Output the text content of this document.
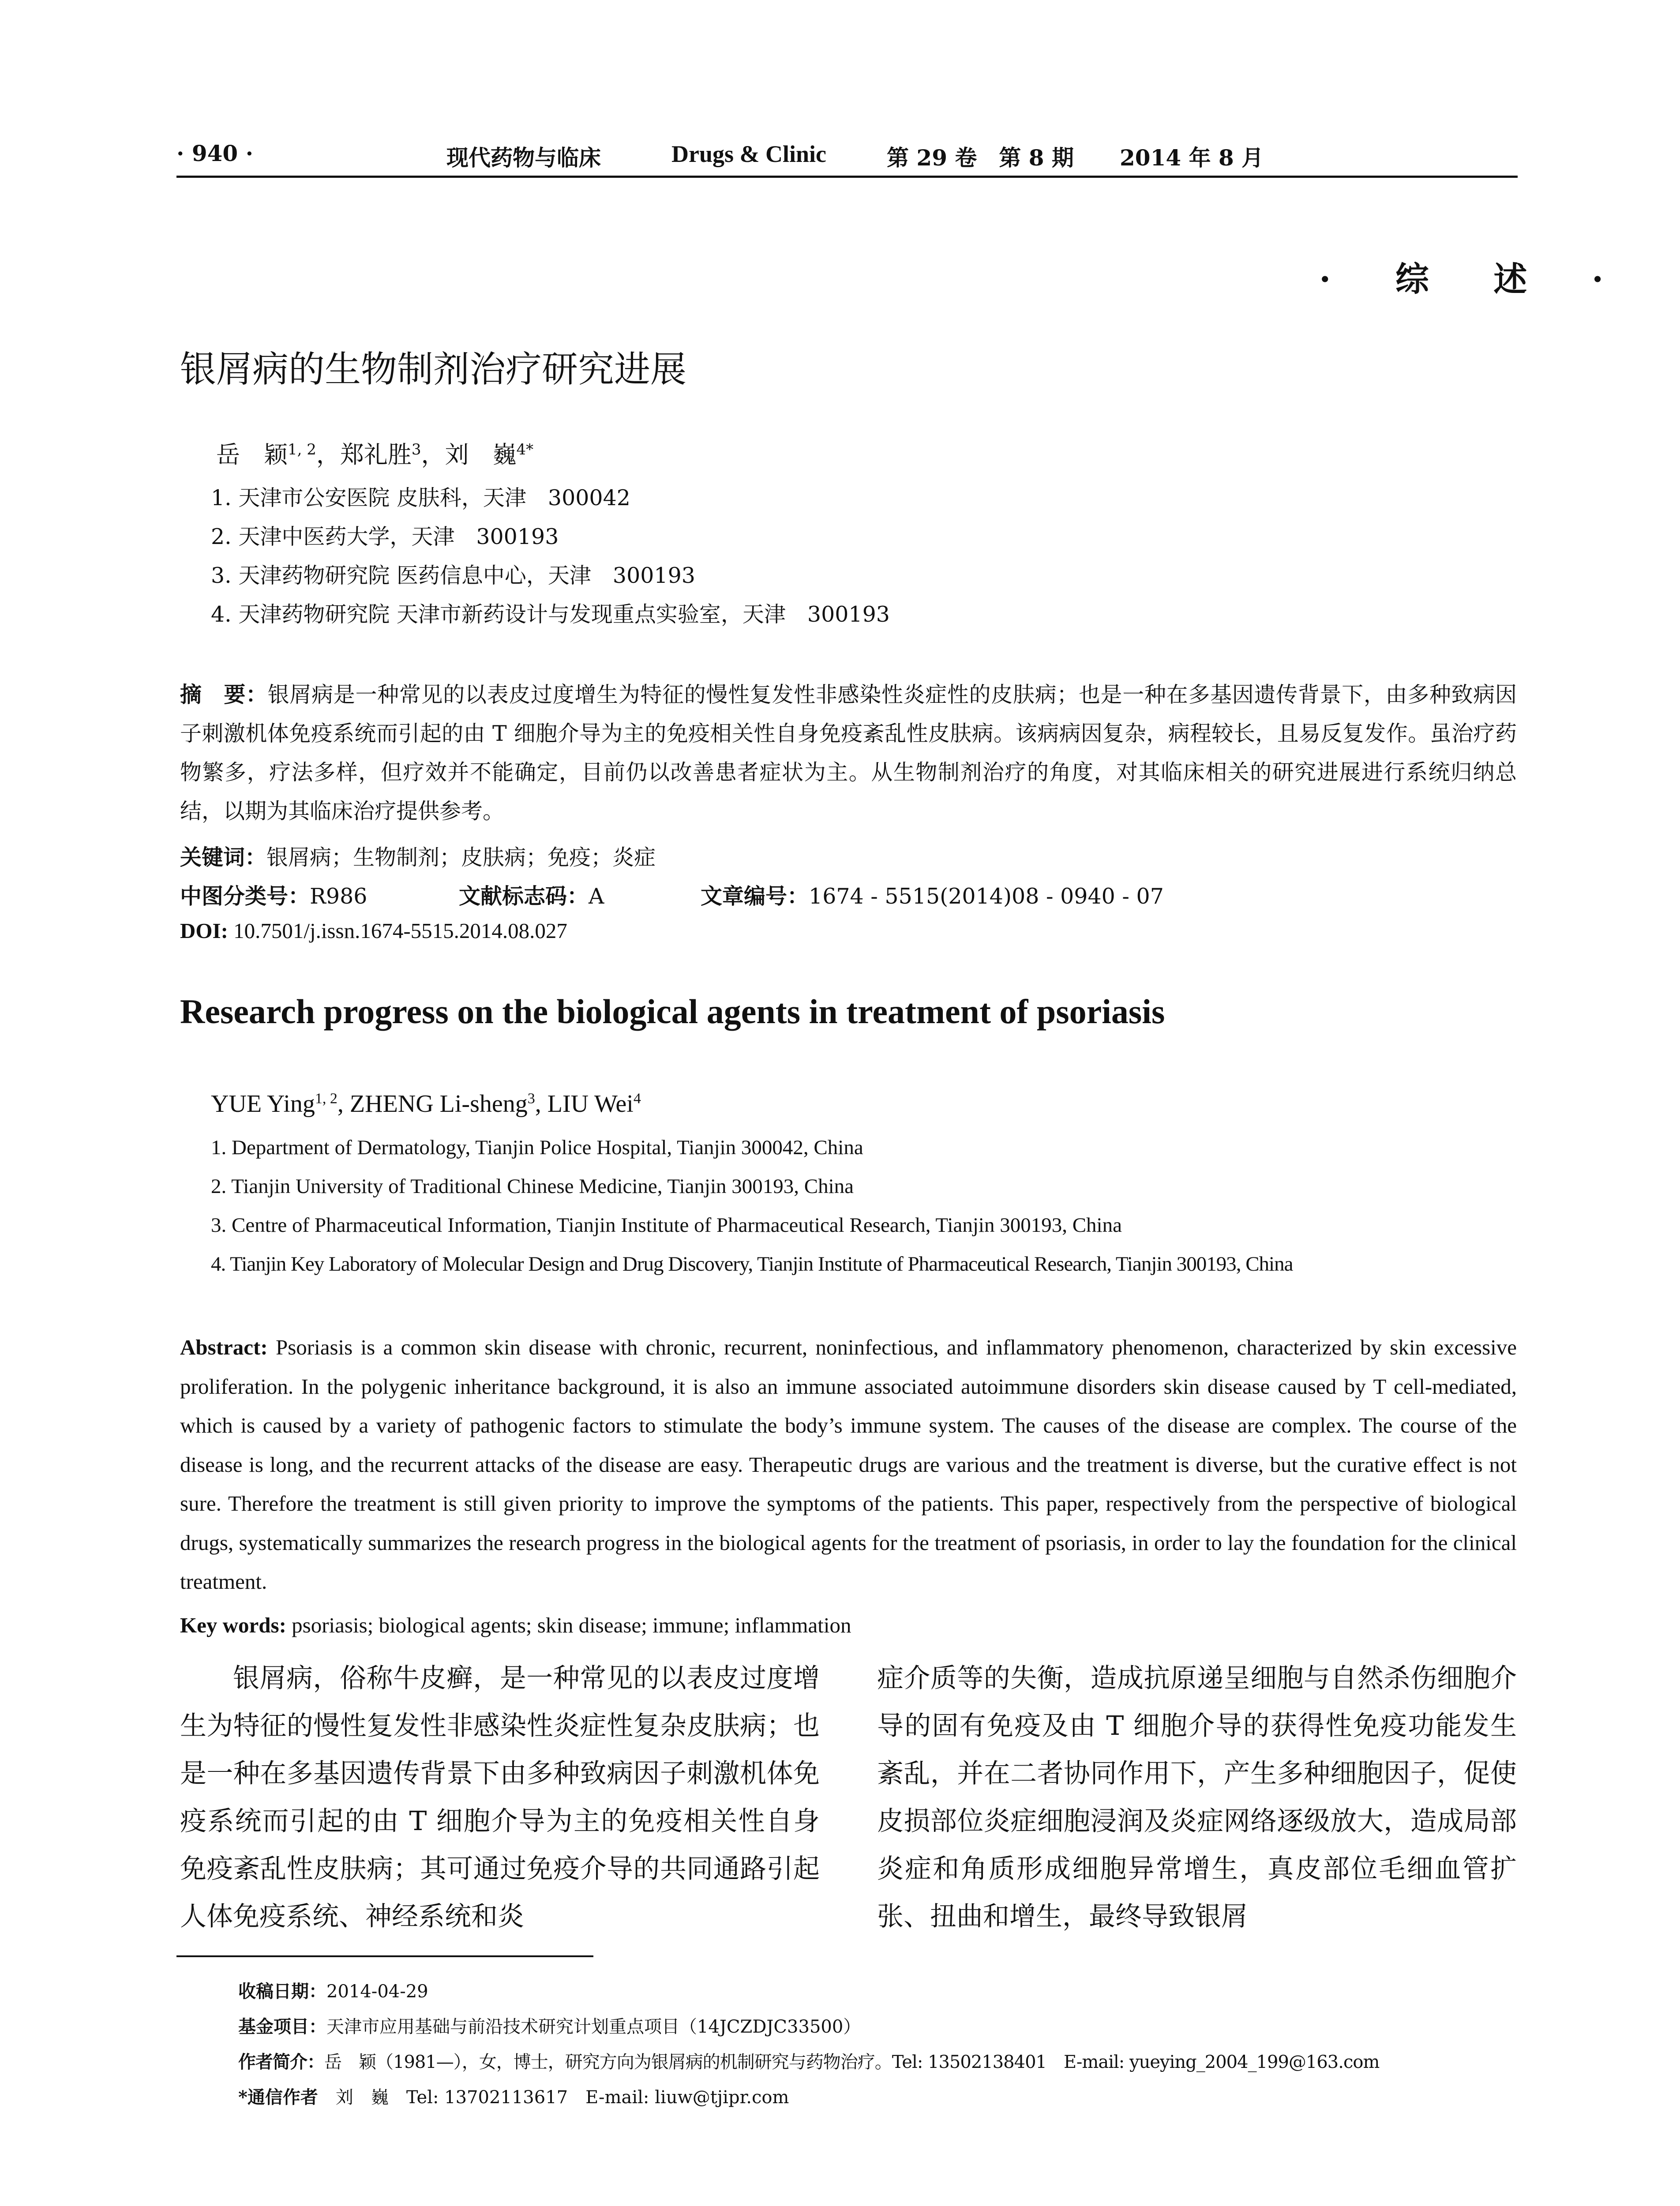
· 940 ·	现代药物与临床	Drugs & Clinic	第 29 卷　第 8 期 2014 年 8 月
· 综 述 ·
银屑病的生物制剂治疗研究进展
岳　颖$^{1, 2}$，郑礼胜$^3$，刘　巍$^{4*}$
1. 天津市公安医院 皮肤科，天津　300042
2. 天津中医药大学，天津　300193
3. 天津药物研究院 医药信息中心，天津　300193
4. 天津药物研究院 天津市新药设计与发现重点实验室，天津　300193
摘　要：银屑病是一种常见的以表皮过度增生为特征的慢性复发性非感染性炎症性的皮肤病；也是一种在多基因遗传背景下，由多种致病因子刺激机体免疫系统而引起的由 T 细胞介导为主的免疫相关性自身免疫紊乱性皮肤病。该病病因复杂，病程较长，且易反复发作。虽治疗药物繁多，疗法多样，但疗效并不能确定，目前仍以改善患者症状为主。从生物制剂治疗的角度，对其临床相关的研究进展进行系统归纳总结，以期为其临床治疗提供参考。
关键词：银屑病；生物制剂；皮肤病；免疫；炎症
中图分类号：R986	文献标志码：A	文章编号：1674 - 5515(2014)08 - 0940 - 07
DOI: 10.7501/j.issn.1674-5515.2014.08.027
Research progress on the biological agents in treatment of psoriasis
YUE Ying$^{1, 2}$, ZHENG Li-sheng$^3$, LIU Wei$^4$
1. Department of Dermatology, Tianjin Police Hospital, Tianjin 300042, China
2. Tianjin University of Traditional Chinese Medicine, Tianjin 300193, China
3. Centre of Pharmaceutical Information, Tianjin Institute of Pharmaceutical Research, Tianjin 300193, China
4. Tianjin Key Laboratory of Molecular Design and Drug Discovery, Tianjin Institute of Pharmaceutical Research, Tianjin 300193, China
Abstract: Psoriasis is a common skin disease with chronic, recurrent, noninfectious, and inflammatory phenomenon, characterized by skin excessive proliferation. In the polygenic inheritance background, it is also an immune associated autoimmune disorders skin disease caused by T cell-mediated, which is caused by a variety of pathogenic factors to stimulate the body’s immune system. The causes of the disease are complex. The course of the disease is long, and the recurrent attacks of the disease are easy. Therapeutic drugs are various and the treatment is diverse, but the curative effect is not sure. Therefore the treatment is still given priority to improve the symptoms of the patients. This paper, respectively from the perspective of biological drugs, systematically summarizes the research progress in the biological agents for the treatment of psoriasis, in order to lay the foundation for the clinical treatment.
Key words: psoriasis; biological agents; skin disease; immune; inflammation
银屑病，俗称牛皮癣，是一种常见的以表皮过度增生为特征的慢性复发性非感染性炎症性复杂皮肤病；也是一种在多基因遗传背景下由多种致病因子刺激机体免疫系统而引起的由 T 细胞介导为主的免疫相关性自身免疫紊乱性皮肤病；其可通过免疫介导的共同通路引起人体免疫系统、神经系统和炎
症介质等的失衡，造成抗原递呈细胞与自然杀伤细胞介导的固有免疫及由 T 细胞介导的获得性免疫功能发生紊乱，并在二者协同作用下，产生多种细胞因子，促使皮损部位炎症细胞浸润及炎症网络逐级放大，造成局部炎症和角质形成细胞异常增生，真皮部位毛细血管扩张、扭曲和增生，最终导致银屑
收稿日期：2014-04-29
基金项目：天津市应用基础与前沿技术研究计划重点项目（14JCZDJC33500）
作者简介：岳　颖（1981—），女，博士，研究方向为银屑病的机制研究与药物治疗。Tel: 13502138401　E-mail: yueying_2004_199@163.com
*通信作者　 刘　巍　Tel: 13702113617　E-mail: liuw@tjipr.com
